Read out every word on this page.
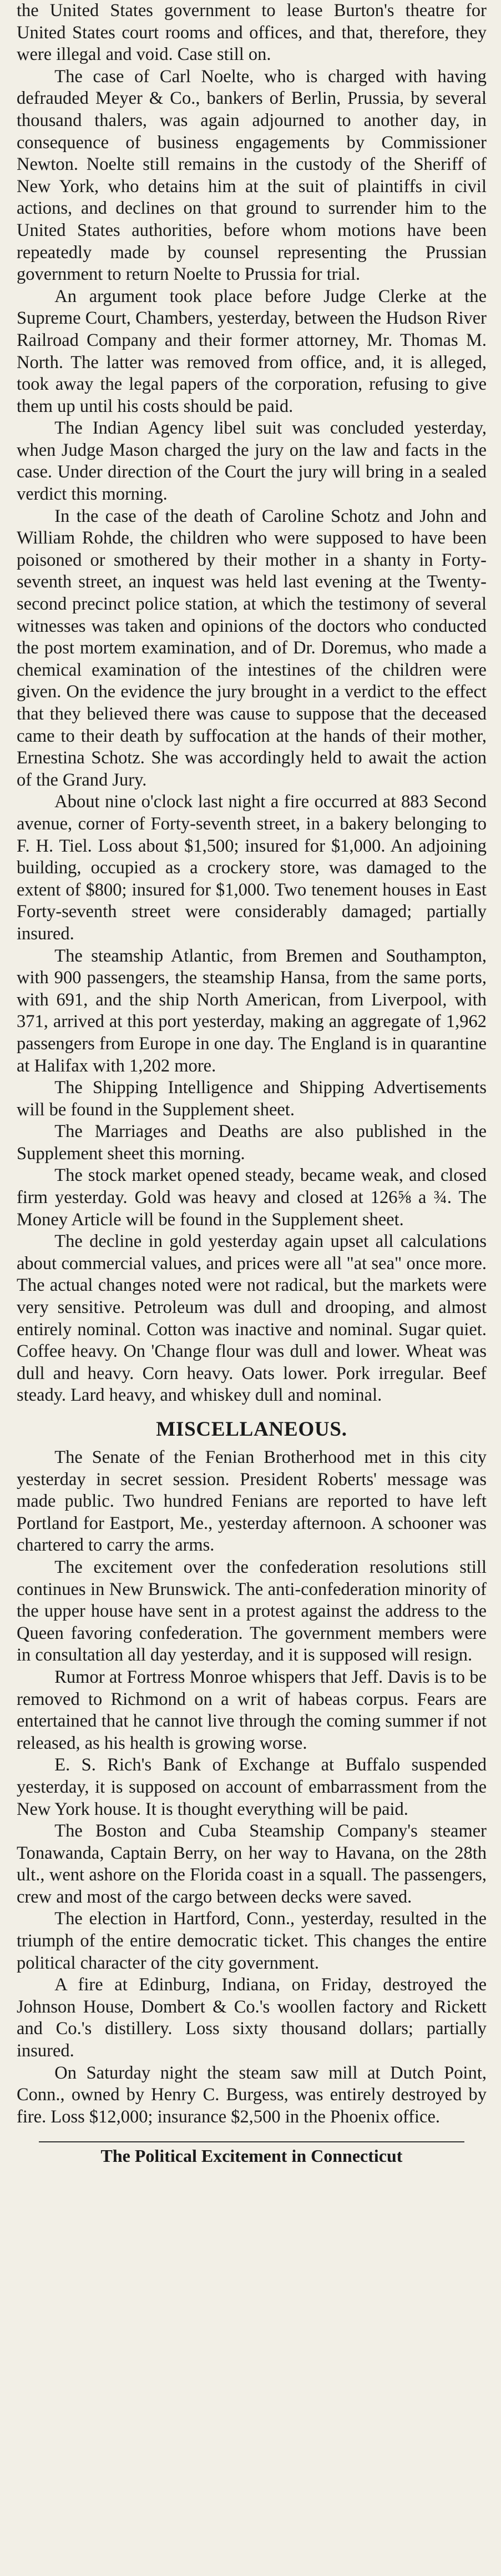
the United States government to lease Burton's theatre for United States court rooms and offices, and that, therefore, they were illegal and void. Case still on.

The case of Carl Noelte, who is charged with having defrauded Meyer & Co., bankers of Berlin, Prussia, by several thousand thalers, was again adjourned to another day, in consequence of business engagements by Commissioner Newton. Noelte still remains in the custody of the Sheriff of New York, who detains him at the suit of plaintiffs in civil actions, and declines on that ground to surrender him to the United States authorities, before whom motions have been repeatedly made by counsel representing the Prussian government to return Noelte to Prussia for trial.

An argument took place before Judge Clerke at the Supreme Court, Chambers, yesterday, between the Hudson River Railroad Company and their former attorney, Mr. Thomas M. North. The latter was removed from office, and, it is alleged, took away the legal papers of the corporation, refusing to give them up until his costs should be paid.

The Indian Agency libel suit was concluded yesterday, when Judge Mason charged the jury on the law and facts in the case. Under direction of the Court the jury will bring in a sealed verdict this morning.

In the case of the death of Caroline Schotz and John and William Rohde, the children who were supposed to have been poisoned or smothered by their mother in a shanty in Forty-seventh street, an inquest was held last evening at the Twenty-second precinct police station, at which the testimony of several witnesses was taken and opinions of the doctors who conducted the post mortem examination, and of Dr. Doremus, who made a chemical examination of the intestines of the children were given. On the evidence the jury brought in a verdict to the effect that they believed there was cause to suppose that the deceased came to their death by suffocation at the hands of their mother, Ernestina Schotz. She was accordingly held to await the action of the Grand Jury.

About nine o'clock last night a fire occurred at 883 Second avenue, corner of Forty-seventh street, in a bakery belonging to F. H. Tiel. Loss about $1,500; insured for $1,000. An adjoining building, occupied as a crockery store, was damaged to the extent of $800; insured for $1,000. Two tenement houses in East Forty-seventh street were considerably damaged; partially insured.

The steamship Atlantic, from Bremen and Southampton, with 900 passengers, the steamship Hansa, from the same ports, with 691, and the ship North American, from Liverpool, with 371, arrived at this port yesterday, making an aggregate of 1,962 passengers from Europe in one day. The England is in quarantine at Halifax with 1,202 more.

The Shipping Intelligence and Shipping Advertisements will be found in the Supplement sheet.

The Marriages and Deaths are also published in the Supplement sheet this morning.

The stock market opened steady, became weak, and closed firm yesterday. Gold was heavy and closed at 126⅝ a ¾. The Money Article will be found in the Supplement sheet.

The decline in gold yesterday again upset all calculations about commercial values, and prices were all "at sea" once more. The actual changes noted were not radical, but the markets were very sensitive. Petroleum was dull and drooping, and almost entirely nominal. Cotton was inactive and nominal. Sugar quiet. Coffee heavy. On 'Change flour was dull and lower. Wheat was dull and heavy. Corn heavy. Oats lower. Pork irregular. Beef steady. Lard heavy, and whiskey dull and nominal.

MISCELLANEOUS.

The Senate of the Fenian Brotherhood met in this city yesterday in secret session. President Roberts' message was made public. Two hundred Fenians are reported to have left Portland for Eastport, Me., yesterday afternoon. A schooner was chartered to carry the arms.

The excitement over the confederation resolutions still continues in New Brunswick. The anti-confederation minority of the upper house have sent in a protest against the address to the Queen favoring confederation. The government members were in consultation all day yesterday, and it is supposed will resign.

Rumor at Fortress Monroe whispers that Jeff. Davis is to be removed to Richmond on a writ of habeas corpus. Fears are entertained that he cannot live through the coming summer if not released, as his health is growing worse.

E. S. Rich's Bank of Exchange at Buffalo suspended yesterday, it is supposed on account of embarrassment from the New York house. It is thought everything will be paid.

The Boston and Cuba Steamship Company's steamer Tonawanda, Captain Berry, on her way to Havana, on the 28th ult., went ashore on the Florida coast in a squall. The passengers, crew and most of the cargo between decks were saved.

The election in Hartford, Conn., yesterday, resulted in the triumph of the entire democratic ticket. This changes the entire political character of the city government.

A fire at Edinburg, Indiana, on Friday, destroyed the Johnson House, Dombert & Co.'s woollen factory and Rickett and Co.'s distillery. Loss sixty thousand dollars; partially insured.

On Saturday night the steam saw mill at Dutch Point, Conn., owned by Henry C. Burgess, was entirely destroyed by fire. Loss $12,000; insurance $2,500 in the Phoenix office.

The Political Excitement in Connecticut
